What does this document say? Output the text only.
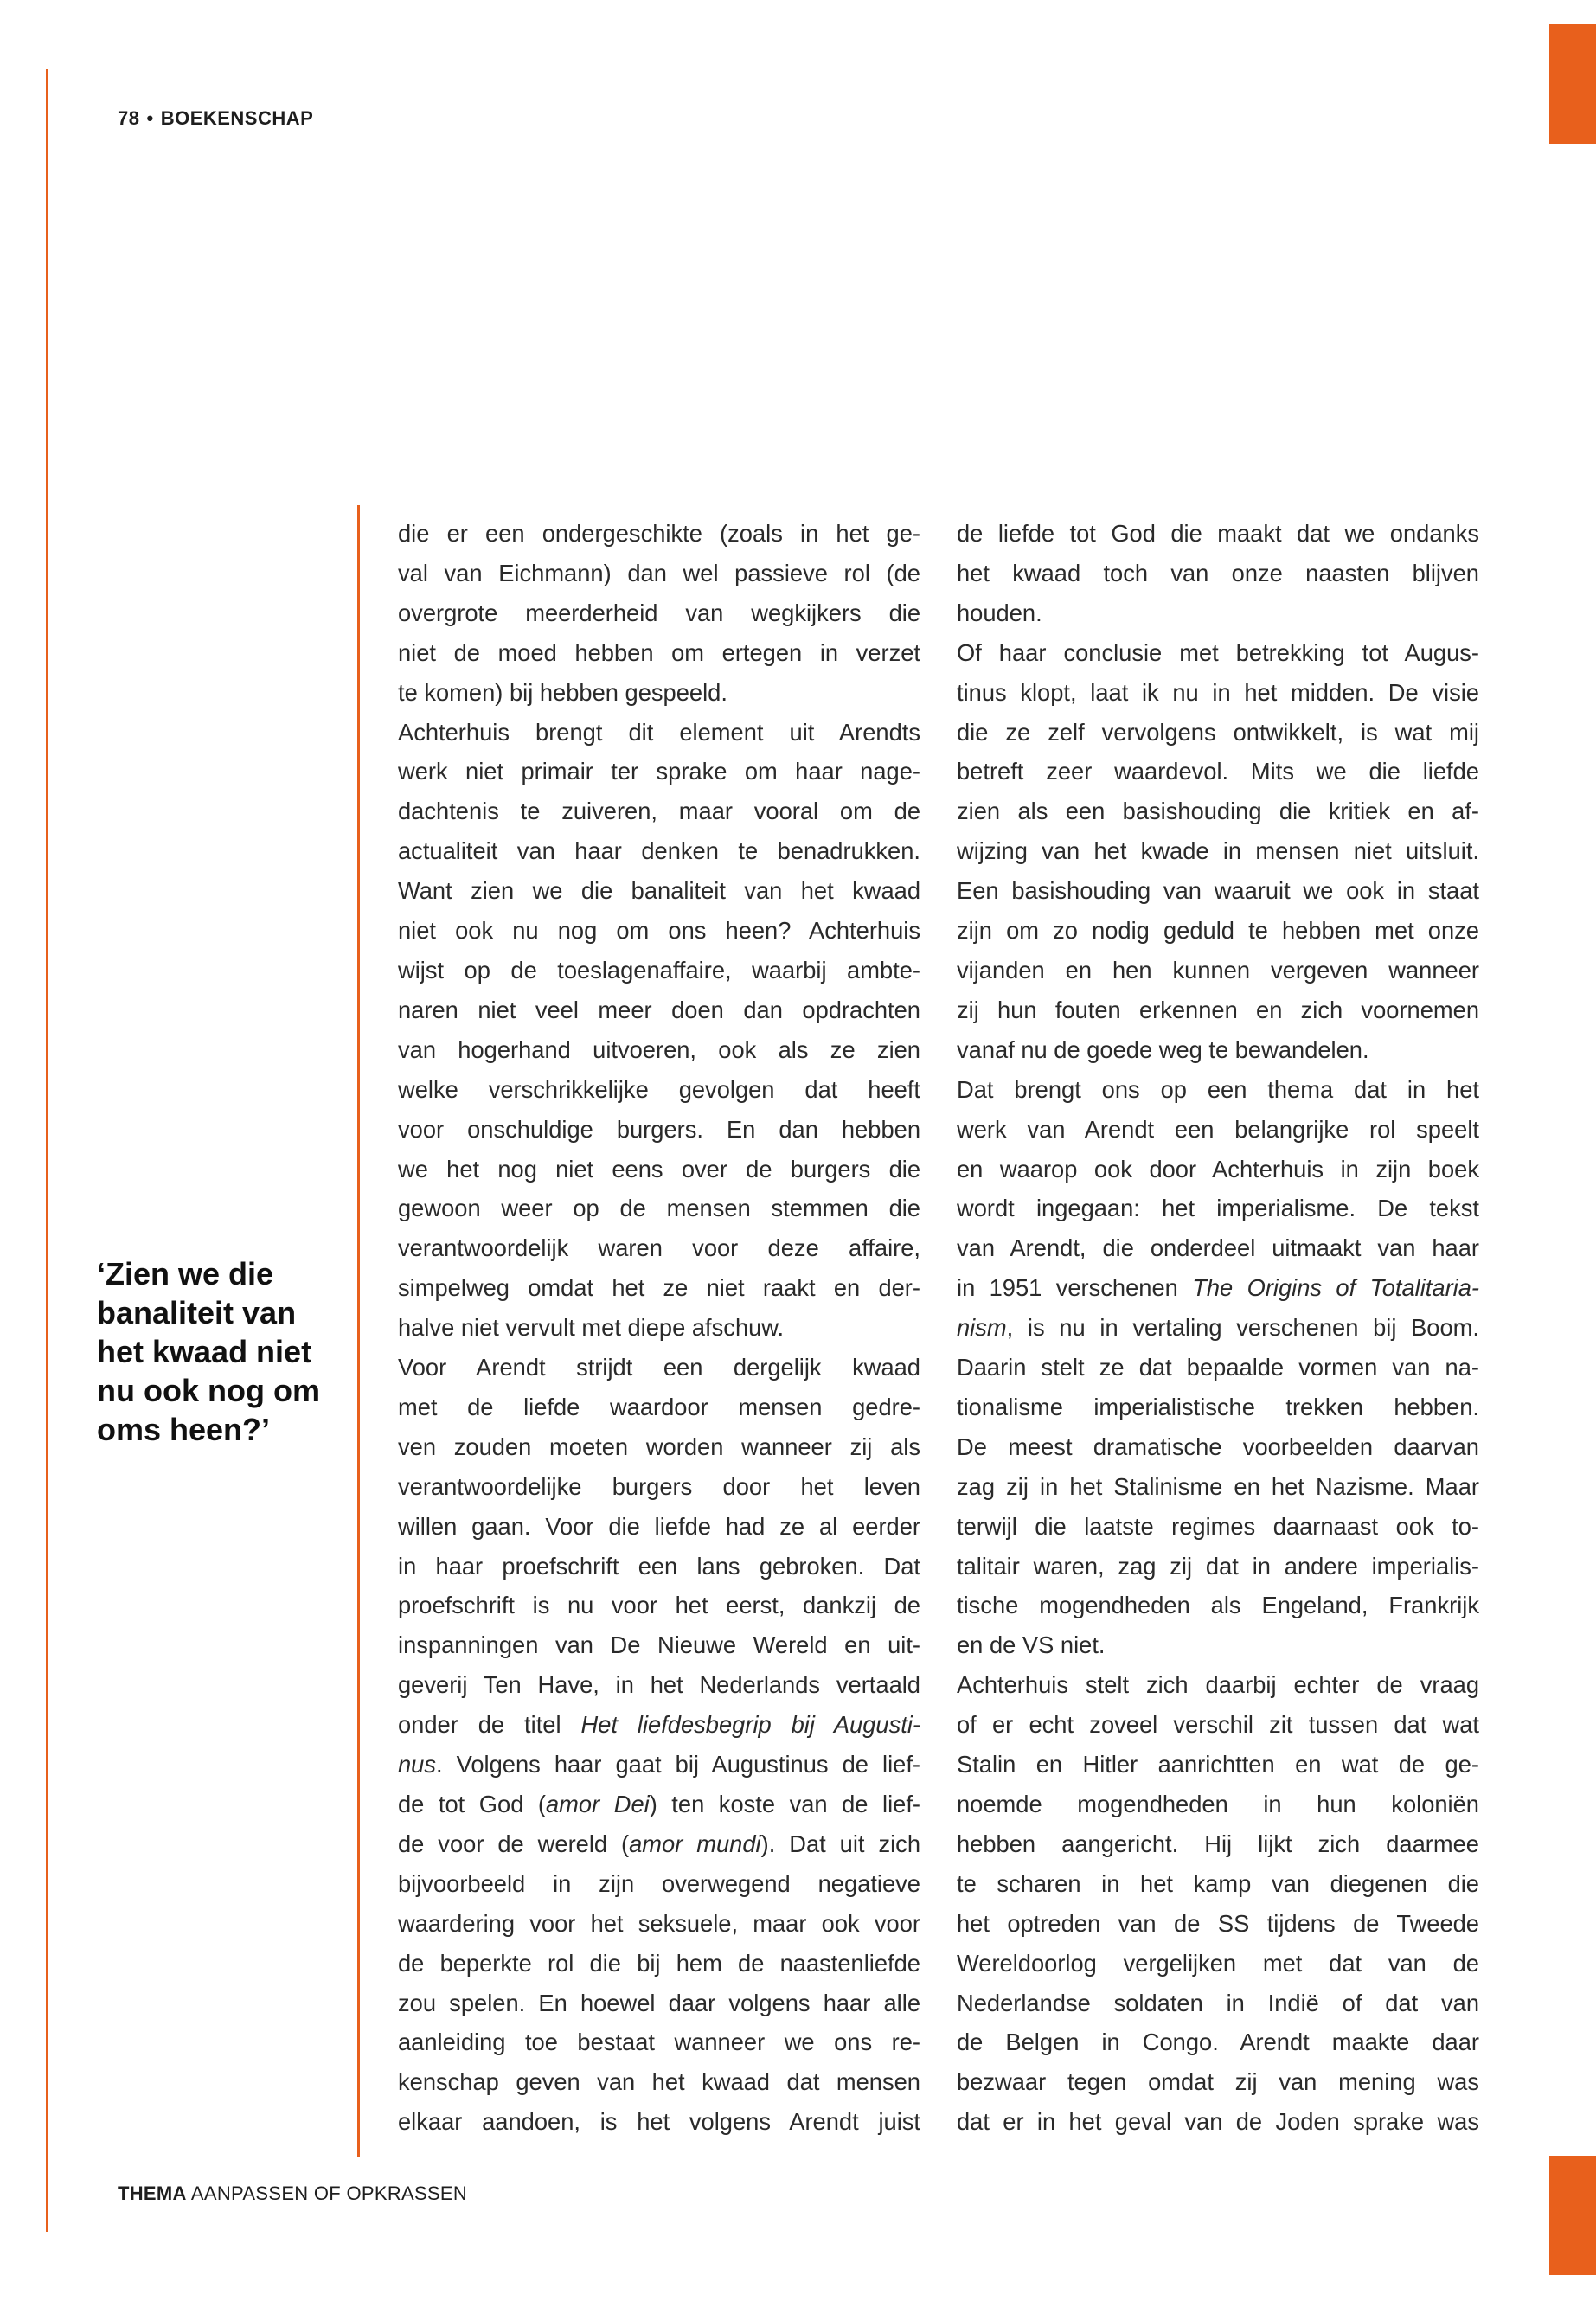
78 • BOEKENSCHAP
‘Zien we die banaliteit van het kwaad niet nu ook nog om oms heen?’
die er een ondergeschikte (zoals in het ge-
val van Eichmann) dan wel passieve rol (de
overgrote meerderheid van wegkijkers die
niet de moed hebben om ertegen in verzet
te komen) bij hebben gespeeld.
Achterhuis brengt dit element uit Arendts
werk niet primair ter sprake om haar nage-
dachtenis te zuiveren, maar vooral om de
actualiteit van haar denken te benadrukken.
Want zien we die banaliteit van het kwaad
niet ook nu nog om ons heen? Achterhuis
wijst op de toeslagenaffaire, waarbij ambte-
naren niet veel meer doen dan opdrachten
van hogerhand uitvoeren, ook als ze zien
welke verschrikkelijke gevolgen dat heeft
voor onschuldige burgers. En dan hebben
we het nog niet eens over de burgers die
gewoon weer op de mensen stemmen die
verantwoordelijk waren voor deze affaire,
simpelweg omdat het ze niet raakt en der-
halve niet vervult met diepe afschuw.
Voor Arendt strijdt een dergelijk kwaad
met de liefde waardoor mensen gedre-
ven zouden moeten worden wanneer zij als
verantwoordelijke burgers door het leven
willen gaan. Voor die liefde had ze al eerder
in haar proefschrift een lans gebroken. Dat
proefschrift is nu voor het eerst, dankzij de
inspanningen van De Nieuwe Wereld en uit-
geverij Ten Have, in het Nederlands vertaald
onder de titel Het liefdesbegrip bij Augusti-
nus. Volgens haar gaat bij Augustinus de lief-
de tot God (amor Dei) ten koste van de lief-
de voor de wereld (amor mundi). Dat uit zich
bijvoorbeeld in zijn overwegend negatieve
waardering voor het seksuele, maar ook voor
de beperkte rol die bij hem de naastenliefde
zou spelen. En hoewel daar volgens haar alle
aanleiding toe bestaat wanneer we ons re-
kenschap geven van het kwaad dat mensen
elkaar aandoen, is het volgens Arendt juist
de liefde tot God die maakt dat we ondanks
het kwaad toch van onze naasten blijven
houden.
Of haar conclusie met betrekking tot Augus-
tinus klopt, laat ik nu in het midden. De visie
die ze zelf vervolgens ontwikkelt, is wat mij
betreft zeer waardevol. Mits we die liefde
zien als een basishouding die kritiek en af-
wijzing van het kwade in mensen niet uitsluit.
Een basishouding van waaruit we ook in staat
zijn om zo nodig geduld te hebben met onze
vijanden en hen kunnen vergeven wanneer
zij hun fouten erkennen en zich voornemen
vanaf nu de goede weg te bewandelen.
Dat brengt ons op een thema dat in het
werk van Arendt een belangrijke rol speelt
en waarop ook door Achterhuis in zijn boek
wordt ingegaan: het imperialisme. De tekst
van Arendt, die onderdeel uitmaakt van haar
in 1951 verschenen The Origins of Totalitaria-
nism, is nu in vertaling verschenen bij Boom.
Daarin stelt ze dat bepaalde vormen van na-
tionalisme imperialistische trekken hebben.
De meest dramatische voorbeelden daarvan
zag zij in het Stalinisme en het Nazisme. Maar
terwijl die laatste regimes daarnaast ook to-
talitair waren, zag zij dat in andere imperialis-
tische mogendheden als Engeland, Frankrijk
en de VS niet.
Achterhuis stelt zich daarbij echter de vraag
of er echt zoveel verschil zit tussen dat wat
Stalin en Hitler aanrichtten en wat de ge-
noemde mogendheden in hun koloniën
hebben aangericht. Hij lijkt zich daarmee
te scharen in het kamp van diegenen die
het optreden van de SS tijdens de Tweede
Wereldoorlog vergelijken met dat van de
Nederlandse soldaten in Indië of dat van
de Belgen in Congo. Arendt maakte daar
bezwaar tegen omdat zij van mening was
dat er in het geval van de Joden sprake was
THEMA AANPASSEN OF OPKRASSEN
